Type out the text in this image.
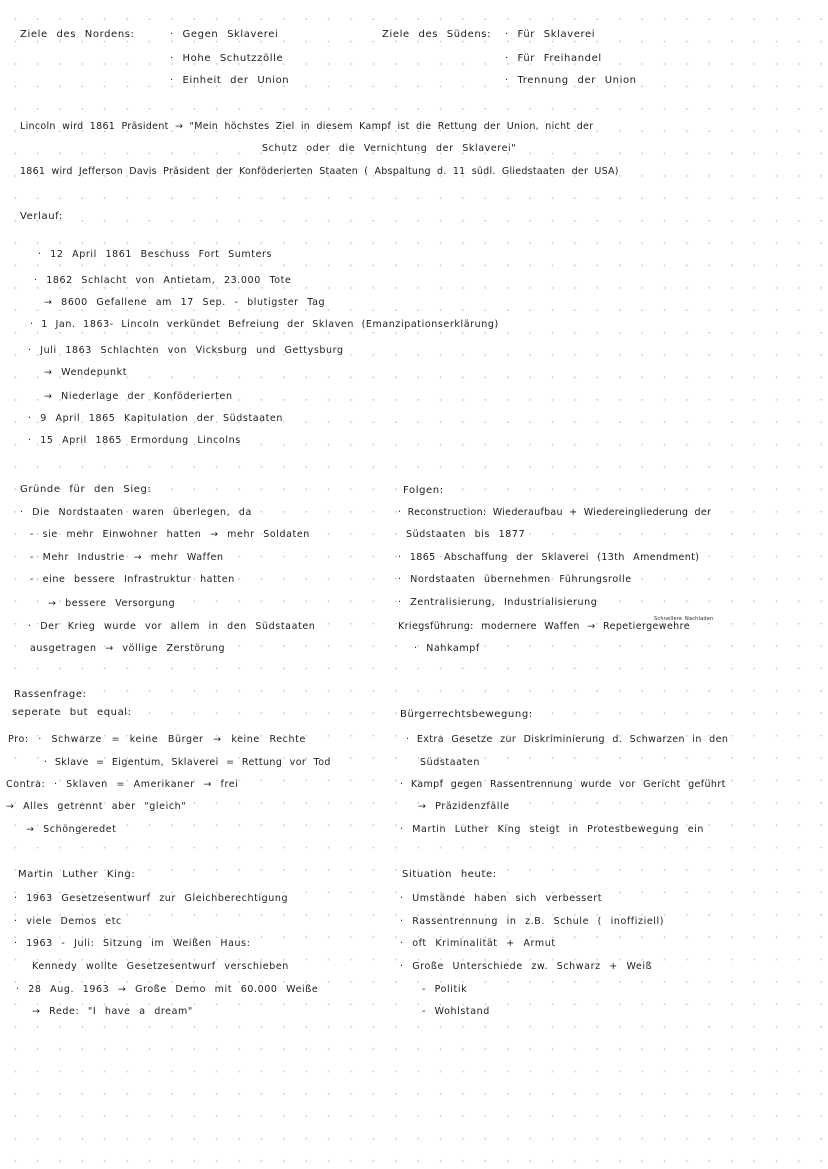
Ziele des Nordens:	· Gegen Sklaverei
· Hohe Schutzzölle
· Einheit der Union
Ziele des Südens: · Für Sklaverei
· Für Freihandel
· Trennung der Union
Lincoln wird 1861 Präsident → "Mein höchstes Ziel in diesem Kampf ist die Rettung der Union, nicht der
Schutz oder die Vernichtung der Sklaverei"
1861 wird Jefferson Davis Präsident der Konföderierten Staaten ( Abspaltung d. 11 südl. Gliedstaaten der USA)
Verlauf:
· 12 April 1861 Beschuss Fort Sumters
· 1862 Schlacht von Antietam, 23.000 Tote
→ 8600 Gefallene am 17 Sep. - blutigster Tag
· 1 Jan. 1863- Lincoln verkündet Befreiung der Sklaven (Emanzipationserklärung)
· Juli 1863 Schlachten von Vicksburg und Gettysburg
→ Wendepunkt
→ Niederlage der Konföderierten
· 9 April 1865 Kapitulation der Südstaaten
· 15 April 1865 Ermordung Lincolns
Gründe für den Sieg:
· Die Nordstaaten waren überlegen, da
- sie mehr Einwohner hatten → mehr Soldaten
- Mehr Industrie → mehr Waffen
- eine bessere Infrastruktur hatten
→ bessere Versorgung
· Der Krieg wurde vor allem in den Südstaaten
ausgetragen → völlige Zerstörung
Folgen:
· Reconstruction: Wiederaufbau + Wiedereingliederung der
Südstaaten bis 1877
· 1865 Abschaffung der Sklaverei (13th Amendment)
· Nordstaaten übernehmen Führungsrolle
· Zentralisierung, Industrialisierung
Schnellere Nachladen
Kriegsführung: modernere Waffen → Repetiergewehre
· Nahkampf
Rassenfrage:
seperate but equal:
Pro: · Schwarze = keine Bürger → keine Rechte
· Sklave = Eigentum, Sklaverei = Rettung vor Tod
Contra: · Sklaven = Amerikaner → frei
→ Alles getrennt aber "gleich"
→ Schöngeredet
Bürgerrechtsbewegung:
· Extra Gesetze zur Diskriminierung d. Schwarzen in den
Südstaaten
· Kampf gegen Rassentrennung wurde vor Gericht geführt
→ Präzidenzfälle
· Martin Luther King steigt in Protestbewegung ein
Martin Luther King:
· 1963 Gesetzesentwurf zur Gleichberechtigung
· viele Demos etc
· 1963 - Juli: Sitzung im Weißen Haus:
Kennedy wollte Gesetzesentwurf verschieben
· 28 Aug. 1963 → Große Demo mit 60.000 Weiße
→ Rede: "I have a dream"
Situation heute:
· Umstände haben sich verbessert
· Rassentrennung in z.B. Schule ( inoffiziell)
· oft Kriminalität + Armut
· Große Unterschiede zw. Schwarz + Weiß
- Politik
- Wohlstand
